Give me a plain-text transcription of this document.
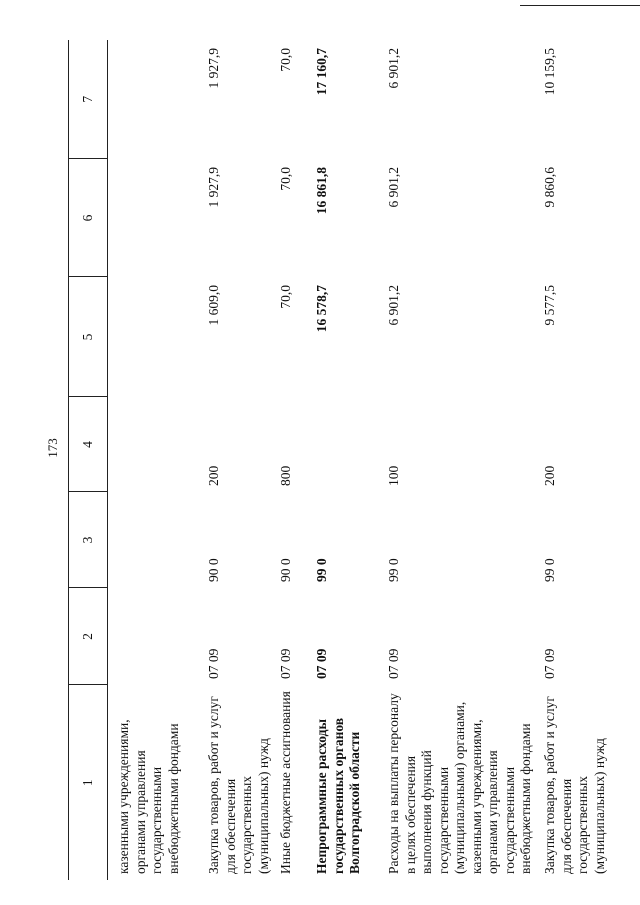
173
1	2	3	4	5	6	7
казенными учреждениями, органами управления государственными внебюджетными фондами						
Закупка товаров, работ и услуг для обеспечения государственных (муниципальных) нужд	07 09	90 0	200	1 609,0	1 927,9	1 927,9
Иные бюджетные ассигнования	07 09	90 0	800	70,0	70,0	70,0
Непрограммные расходы государственных органов Волгоградской области	07 09	99 0		16 578,7	16 861,8	17 160,7
Расходы на выплаты персоналу в целях обеспечения выполнения функций государственными (муниципальными) органами, казенными учреждениями, органами управления государственными внебюджетными фондами	07 09	99 0	100	6 901,2	6 901,2	6 901,2
Закупка товаров, работ и услуг для обеспечения государственных (муниципальных) нужд	07 09	99 0	200	9 577,5	9 860,6	10 159,5
